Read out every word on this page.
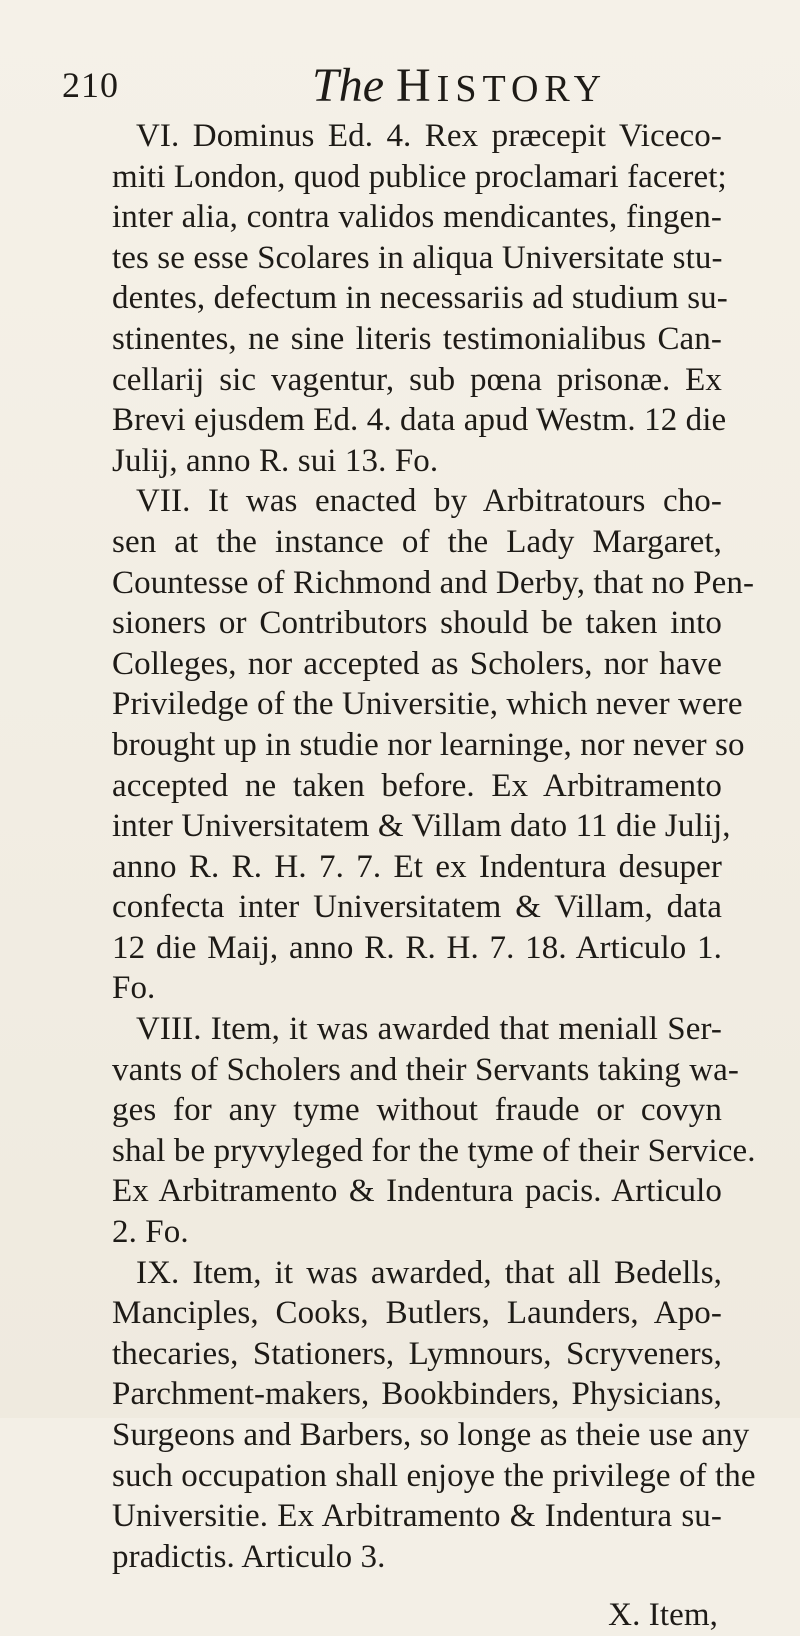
210	The HISTORY
VI. Dominus Ed. 4. Rex præcepit Viceco-
miti London, quod publice proclamari faceret;
inter alia, contra validos mendicantes, fingen-
tes se esse Scolares in aliqua Universitate stu-
dentes, defectum in necessariis ad studium su-
stinentes, ne sine literis testimonialibus Can-
cellarij sic vagentur, sub pœna prisonæ. Ex
Brevi ejusdem Ed. 4. data apud Westm. 12 die
Julij, anno R. sui 13. Fo.
VII. It was enacted by Arbitratours cho-
sen at the instance of the Lady Margaret,
Countesse of Richmond and Derby, that no Pen-
sioners or Contributors should be taken into
Colleges, nor accepted as Scholers, nor have
Priviledge of the Universitie, which never were
brought up in studie nor learninge, nor never so
accepted ne taken before. Ex Arbitramento
inter Universitatem & Villam dato 11 die Julij,
anno R. R. H. 7. 7. Et ex Indentura desuper
confecta inter Universitatem & Villam, data
12 die Maij, anno R. R. H. 7. 18. Articulo 1.
Fo.
VIII. Item, it was awarded that meniall Ser-
vants of Scholers and their Servants taking wa-
ges for any tyme without fraude or covyn
shal be pryvyleged for the tyme of their Service.
Ex Arbitramento & Indentura pacis. Articulo
2. Fo.
IX. Item, it was awarded, that all Bedells,
Manciples, Cooks, Butlers, Launders, Apo-
thecaries, Stationers, Lymnours, Scryveners,
Parchment-makers, Bookbinders, Physicians,
Surgeons and Barbers, so longe as theie use any
such occupation shall enjoye the privilege of the
Universitie. Ex Arbitramento & Indentura su-
pradictis. Articulo 3.
X. Item,
